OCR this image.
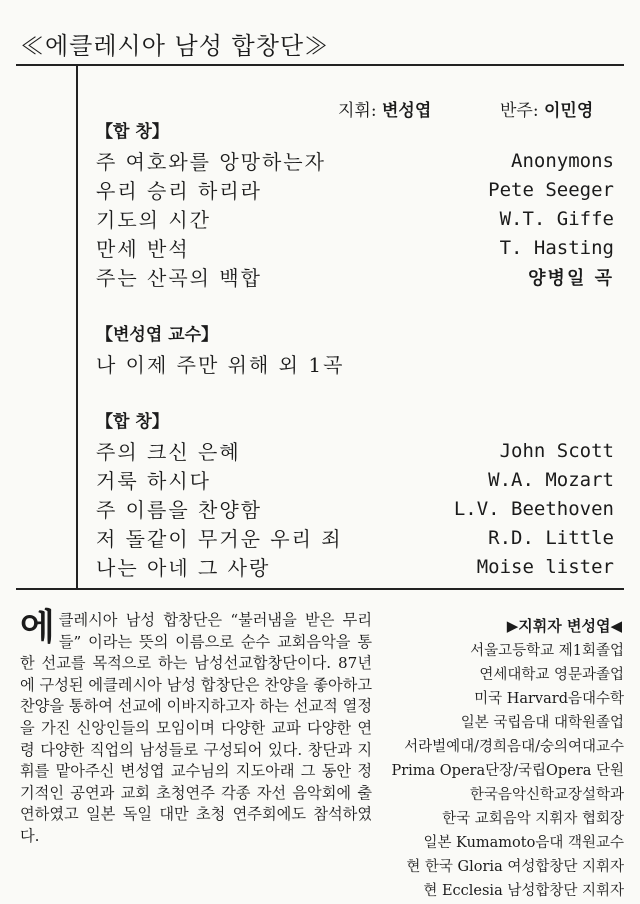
≪에클레시아 남성 합창단≫
지휘: 변성엽	반주: 이민영
【합 창】
주 여호와를 앙망하는자	Anonymons
우리 승리 하리라	Pete Seeger
기도의 시간	W.T. Giffe
만세 반석	T. Hasting
주는 산곡의 백합	양병일 곡
【변성엽 교수】
나 이제 주만 위해 외 1곡
【합 창】
주의 크신 은혜	John Scott
거룩 하시다	W.A. Mozart
주 이름을 찬양함	L.V. Beethoven
저 돌같이 무거운 우리 죄	R.D. Little
나는 아네 그 사랑	Moise lister
에클레시아 남성 합창단은 “불러냄을 받은 무리들” 이라는 뜻의 이름으로 순수 교회음악을 통한 선교를 목적으로 하는 남성선교합창단이다. 87년에 구성된 에클레시아 남성 합창단은 찬양을 좋아하고 찬양을 통하여 선교에 이바지하고자 하는 선교적 열정을 가진 신앙인들의 모임이며 다양한 교파 다양한 연령 다양한 직업의 남성들로 구성되어 있다. 창단과 지휘를 맡아주신 변성엽 교수님의 지도아래 그 동안 정기적인 공연과 교회 초청연주 각종 자선 음악회에 출연하였고 일본 독일 대만 초청 연주회에도 참석하였다.
▶지휘자 변성엽◀
서울고등학교 제1회졸업
연세대학교 영문과졸업
미국 Harvard음대수학
일본 국립음대 대학원졸업
서라벌예대/경희음대/숭의여대교수
Prima Opera단장/국립Opera 단원
한국음악신학교장설학과
한국 교회음악 지휘자 협회장
일본 Kumamoto음대 객원교수
현 한국 Gloria 여성합창단 지휘자
현 Ecclesia 남성합창단 지휘자
